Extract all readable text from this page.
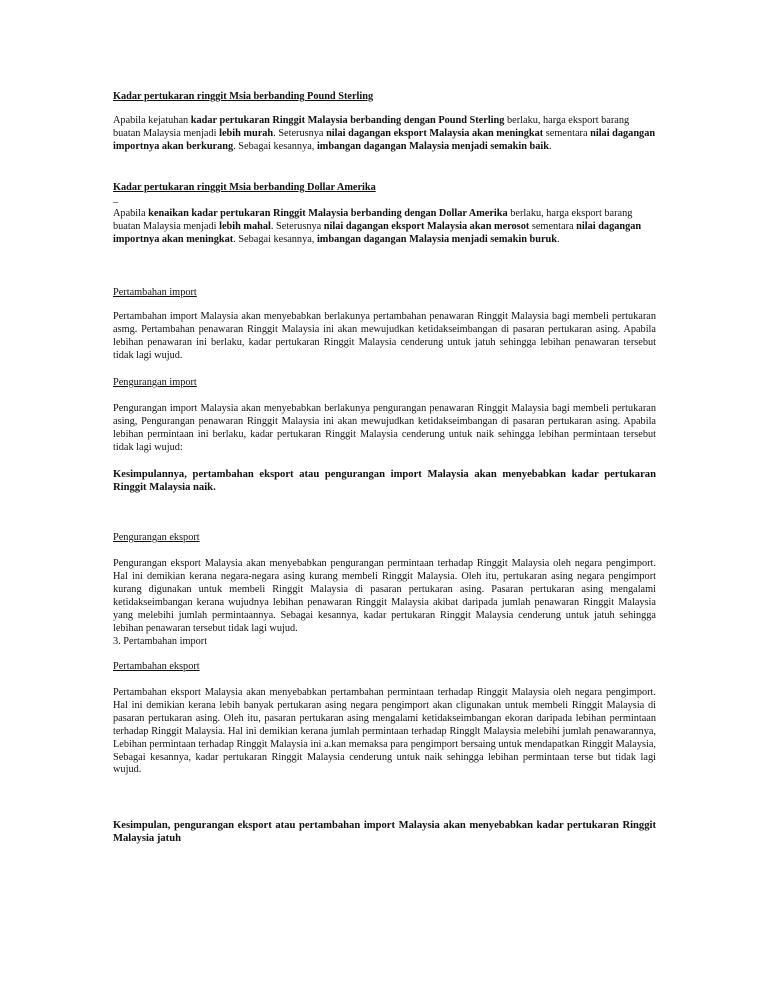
Kadar pertukaran ringgit Msia berbanding Pound Sterling

Apabila kejatuhan kadar pertukaran Ringgit Malaysia berbanding dengan Pound Sterling berlaku, harga eksport barang buatan Malaysia menjadi lebih murah. Seterusnya nilai dagangan eksport Malaysia akan meningkat sementara nilai dagangan importnya akan berkurang. Sebagai kesannya, imbangan dagangan Malaysia menjadi semakin baik.

Kadar pertukaran ringgit Msia berbanding Dollar Amerika

_

Apabila kenaikan kadar pertukaran Ringgit Malaysia berbanding dengan Dollar Amerika berlaku, harga eksport barang buatan Malaysia menjadi lebih mahal. Seterusnya nilai dagangan eksport Malaysia akan merosot sementara nilai dagangan importnya akan meningkat. Sebagai kesannya, imbangan dagangan Malaysia menjadi semakin buruk.

Pertambahan import

Pertambahan import Malaysia akan menyebabkan berlakunya pertambahan penawaran Ringgit Malaysia bagi membeli pertukaran asmg. Pertambahan penawaran Ringgit Malaysia ini akan mewujudkan ketidakseimbangan di pasaran pertukaran asing. Apabila lebihan penawaran ini berlaku, kadar pertukaran Ringgit Malaysia cenderung untuk jatuh sehingga lebihan penawaran tersebut tidak lagi wujud.

Pengurangan import

Pengurangan import Malaysia akan menyebabkan berlakunya pengurangan penawaran Ringgit Malaysia bagi membeli pertukaran asing, Pengurangan penawaran Ringgit Malaysia ini akan mewujudkan ketidakseimbangan di pasaran pertukaran asing. Apabila lebihan permintaan ini berlaku, kadar pertukaran Ringgit Malaysia cenderung untuk naik sehingga lebihan permintaan tersebut tidak lagi wujud:

Kesimpulannya, pertambahan eksport atau pengurangan import Malaysia akan menyebabkan kadar pertukaran Ringgit Malaysia naik.

Pengurangan eksport

Pengurangan eksport Malaysia akan menyebabkan pengurangan permintaan terhadap Ringgit Malaysia oleh negara pengimport. Hal ini demikian kerana negara-negara asing kurang membeli Ringgit Malaysia. Oleh itu, pertukaran asing negara pengimport kurang digunakan untuk membeli Ringgit Malaysia di pasaran pertukaran asing. Pasaran pertukaran asing mengalami ketidakseimbangan kerana wujudnya lebihan penawaran Ringgit Malaysia akibat daripada jumlah penawaran Ringgit Malaysia yang melebihi jumlah permintaannya. Sebagai kesannya, kadar pertukaran Ringgit Malaysia cenderung untuk jatuh sehingga lebihan penawaran tersebut tidak lagi wujud.

3. Pertambahan import

Pertambahan eksport

Pertambahan eksport Malaysia akan menyebabkan pertambahan permintaan terhadap Ringgit Malaysia oleh negara pengimport. Hal ini demikian kerana lebih banyak pertukaran asing negara pengimport akan cligunakan untuk membeli Ringgit Malaysia di pasaran pertukaran asing. Oleh itu, pasaran pertukaran asing mengalami ketidakseimbangan ekoran daripada lebihan permintaan terhadap Ringgit Malaysia. Hal ini demikian kerana jumlah permintaan terhadap Ringglt Malaysia melebihi jumlah penawarannya, Lebihan permintaan terhadap Ringgit Malaysia ini a.kan memaksa para pengimport bersaing untuk mendapatkan Ringgit Malaysia, Sebagai kesannya, kadar pertukaran Ringgit Malaysia cenderung untuk naik sehingga lebihan permintaan terse but tidak lagi wujud.

Kesimpulan, pengurangan eksport atau pertambahan import Malaysia akan menyebabkan kadar pertukaran Ringgit Malaysia jatuh
